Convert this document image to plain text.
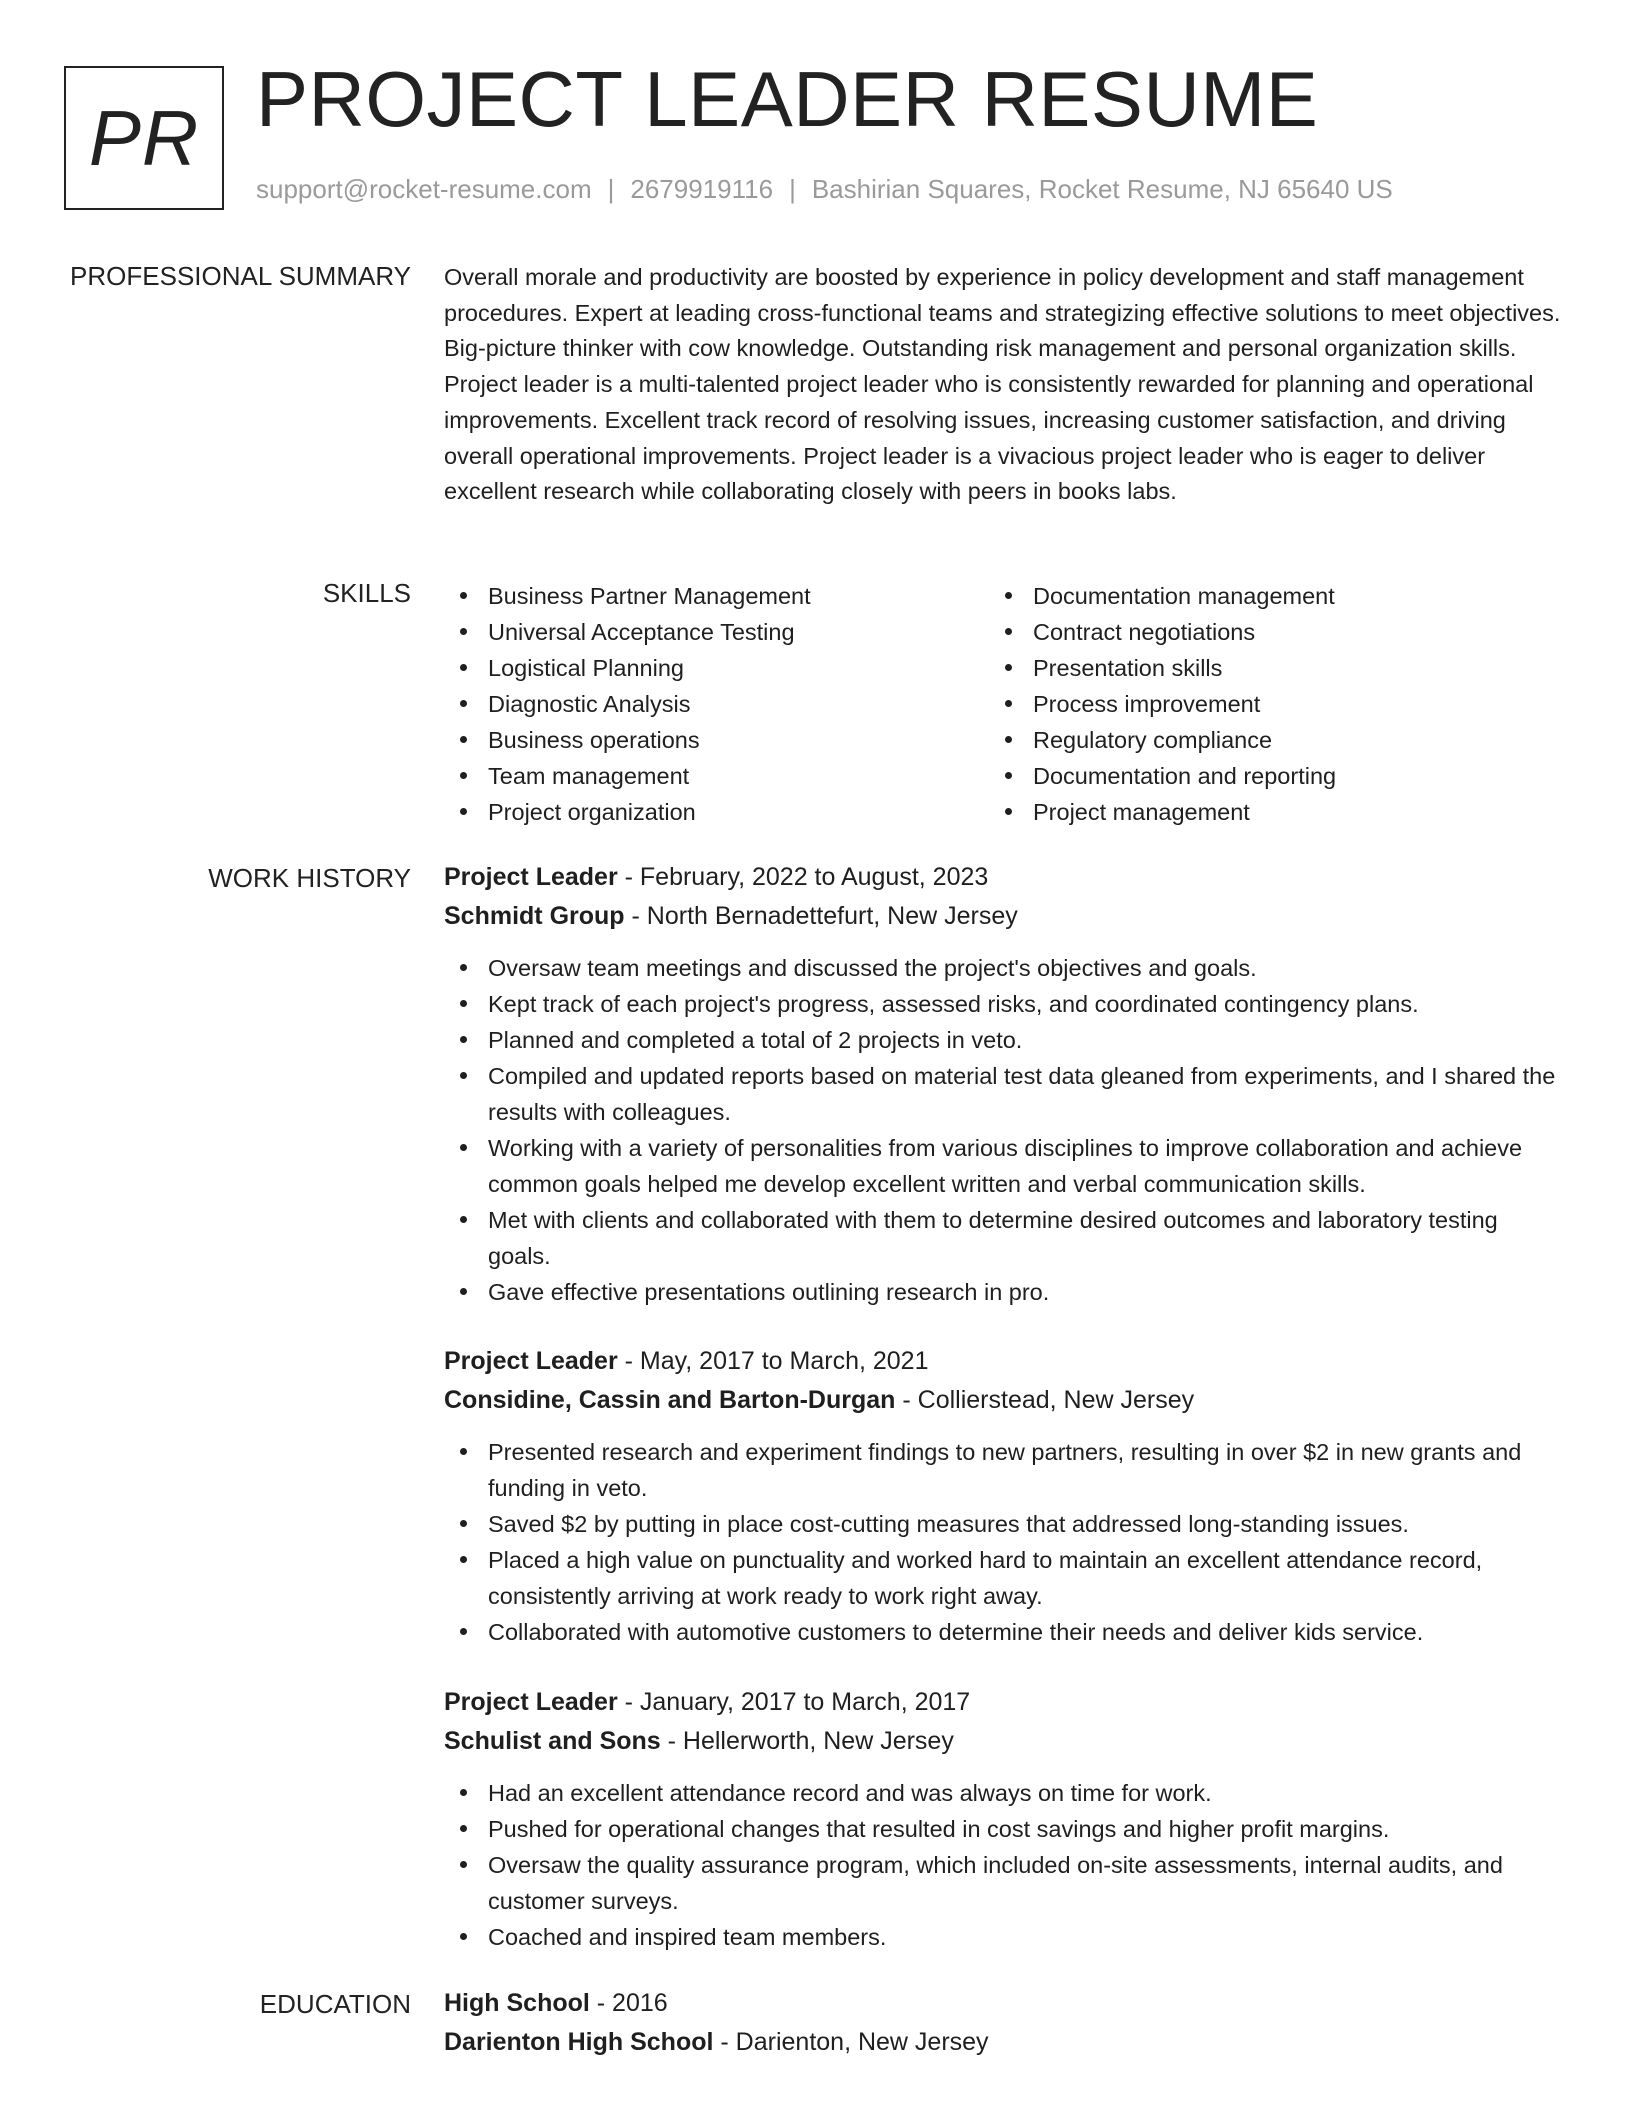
PR PROJECT LEADER RESUME
support@rocket-resume.com | 2679919116 | Bashirian Squares, Rocket Resume, NJ 65640 US
PROFESSIONAL SUMMARY Overall morale and productivity are boosted by experience in policy development and staff management procedures. Expert at leading cross-functional teams and strategizing effective solutions to meet objectives. Big-picture thinker with cow knowledge. Outstanding risk management and personal organization skills. Project leader is a multi-talented project leader who is consistently rewarded for planning and operational improvements. Excellent track record of resolving issues, increasing customer satisfaction, and driving overall operational improvements. Project leader is a vivacious project leader who is eager to deliver excellent research while collaborating closely with peers in books labs.

SKILLS	Business Partner Management
Universal Acceptance Testing
Logistical Planning
Diagnostic Analysis
Business operations
Team management
Project organization
Documentation management
Contract negotiations
Presentation skills
Process improvement
Regulatory compliance
Documentation and reporting
Project management
WORK HISTORY Project Leader - February, 2022 to August, 2023
Schmidt Group - North Bernadettefurt, New Jersey
Oversaw team meetings and discussed the project's objectives and goals.
Kept track of each project's progress, assessed risks, and coordinated contingency plans.
Planned and completed a total of 2 projects in veto.
Compiled and updated reports based on material test data gleaned from experiments, and I shared the results with colleagues.
Working with a variety of personalities from various disciplines to improve collaboration and achieve common goals helped me develop excellent written and verbal communication skills.
Met with clients and collaborated with them to determine desired outcomes and laboratory testing goals.
Gave effective presentations outlining research in pro.
Project Leader - May, 2017 to March, 2021
Considine, Cassin and Barton-Durgan - Collierstead, New Jersey
Presented research and experiment findings to new partners, resulting in over $2 in new grants and funding in veto.
Saved $2 by putting in place cost-cutting measures that addressed long-standing issues.
Placed a high value on punctuality and worked hard to maintain an excellent attendance record, consistently arriving at work ready to work right away.
Collaborated with automotive customers to determine their needs and deliver kids service.
Project Leader - January, 2017 to March, 2017
Schulist and Sons - Hellerworth, New Jersey
Had an excellent attendance record and was always on time for work.
Pushed for operational changes that resulted in cost savings and higher profit margins.
Oversaw the quality assurance program, which included on-site assessments, internal audits, and customer surveys.
Coached and inspired team members.
EDUCATION High School - 2016
Darienton High School - Darienton, New Jersey
